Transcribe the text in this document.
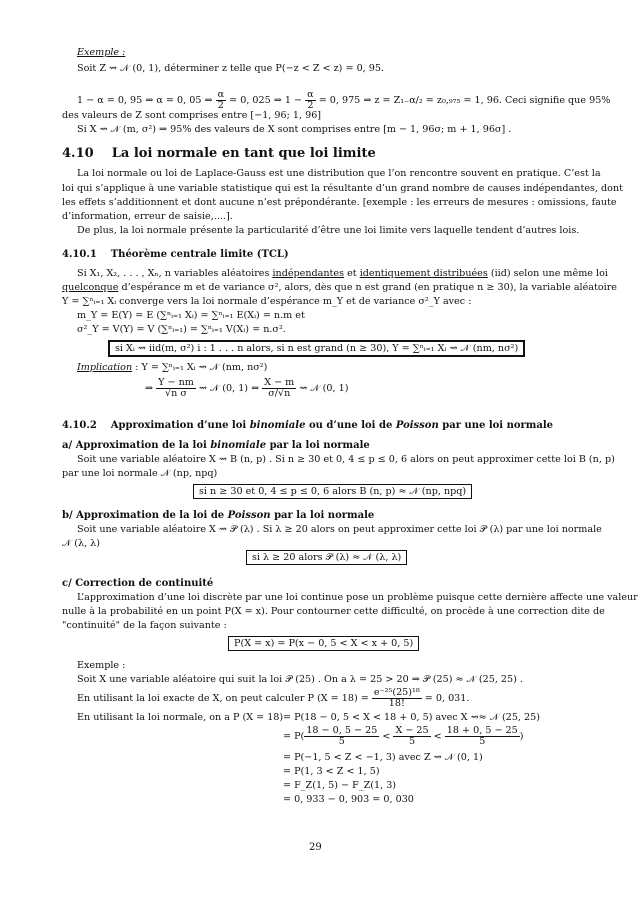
Exemple :
Soit Z ⇝ 𝒩 (0, 1), déterminer z telle que P(−z < Z < z) = 0, 95.
1 − α = 0, 95 ⇒ α = 0, 05 ⇒ $\frac{\alpha}{2} = 0$, 025 ⇒ $1 - \frac{\alpha}{2} = 0$, 975 ⇒ z = Z₁₋α/₂ = z₀,₉₇₅ = 1, 96. Ceci signifie que 95%
des valeurs de Z sont comprises entre [−1, 96; 1, 96]
Si X ⇝ 𝒩 (m, σ²) ⇒ 95% des valeurs de X sont comprises entre [m − 1, 96σ; m + 1, 96σ] .
4.10 La loi normale en tant que loi limite
La loi normale ou loi de Laplace-Gauss est une distribution que l’on rencontre souvent en pratique. C’est la
loi qui s’applique à une variable statistique qui est la résultante d’un grand nombre de causes indépendantes, dont
les effets s’additionnent et dont aucune n’est prépondérante. [exemple : les erreurs de mesures : omissions, faute
d’information, erreur de saisie,....].
De plus, la loi normale présente la particularité d’être une loi limite vers laquelle tendent d’autres lois.
4.10.1 Théorème centrale limite (TCL)
Si X₁, X₂, . . . , Xₙ, n variables aléatoires indépendantes et identiquement distribuées (iid) selon une même loi
quelconque d’espérance m et de variance σ², alors, dès que n est grand (en pratique n ≥ 30), la variable aléatoire
Y = ∑ⁿᵢ₌₁ Xᵢ converge vers la loi normale d’espérance m_Y et de variance σ²_Y avec :
m_Y = E(Y) = E (∑ⁿᵢ₌₁ Xᵢ) = ∑ⁿᵢ₌₁ E(Xᵢ) = n.m et
σ²_Y = V(Y) = V (∑ⁿᵢ₌₁) = ∑ⁿᵢ₌₁ V(Xᵢ) = n.σ².
si Xᵢ ⇝ iid(m, σ²) i : 1 . . . n alors, si n est grand (n ≥ 30), Y = ∑ⁿᵢ₌₁ Xᵢ ⇝ 𝒩 (nm, nσ²)
Implication : Y = ∑ⁿᵢ₌₁ Xᵢ ⇝ 𝒩 (nm, nσ²)
⇒ $\frac{Y - nm}{\text{√n σ}}$ ⇝ 𝒩 (0, 1) ⇔ $\frac{X - m}{\sigma/√n}$ ⇝ 𝒩 (0, 1)
4.10.2 Approximation d’une loi binomiale ou d’une loi de Poisson par une loi normale
a/ Approximation de la loi binomiale par la loi normale
Soit une variable aléatoire X ⇝ B (n, p) . Si n ≥ 30 et 0, 4 ≤ p ≤ 0, 6 alors on peut approximer cette loi B (n, p)
par une loi normale 𝒩 (np, npq)
si n ≥ 30 et 0, 4 ≤ p ≤ 0, 6 alors B (n, p) ≈ 𝒩 (np, npq)
b/ Approximation de la loi de Poisson par la loi normale
Soit une variable aléatoire X ⇝ 𝒫 (λ) . Si λ ≥ 20 alors on peut approximer cette loi 𝒫 (λ) par une loi normale
𝒩 (λ, λ)
si λ ≥ 20 alors 𝒫 (λ) ≈ 𝒩 (λ, λ)
c/ Correction de continuité
L’approximation d’une loi discrète par une loi continue pose un problème puisque cette dernière affecte une valeur
nulle à la probabilité en un point P(X = x). Pour contourner cette difficulté, on procède à une correction dite de
"continuité" de la façon suivante :
P(X = x) = P(x − 0, 5 < X < x + 0, 5)
Exemple :
Soit X une variable aléatoire qui suit la loi 𝒫 (25) . On a λ = 25 > 20 ⇒ 𝒫 (25) ≈ 𝒩 (25, 25) .
En utilisant la loi exacte de X, on peut calculer P $(X = 18) = \frac{\text{e⁻²⁵(25)¹⁸}}{18!} = 0$, 031.
En utilisant la loi normale, on a P (X = 18) = P(18 − 0, 5 < X < 18 + 0, 5) avec X ⇝≈ 𝒩 (25, 25)
= $P( \frac{18 - 0, 5 - 25}{5} < \frac{X - 25}{5} < \frac{18 + 0, 5 - 25}{5}$ )
= P(−1, 5 < Z < −1, 3) avec Z ⇝ 𝒩 (0, 1)
= P(1, 3 < Z < 1, 5)
= F_Z(1, 5) − F_Z(1, 3)
= 0, 933 − 0, 903 = 0, 030
29
